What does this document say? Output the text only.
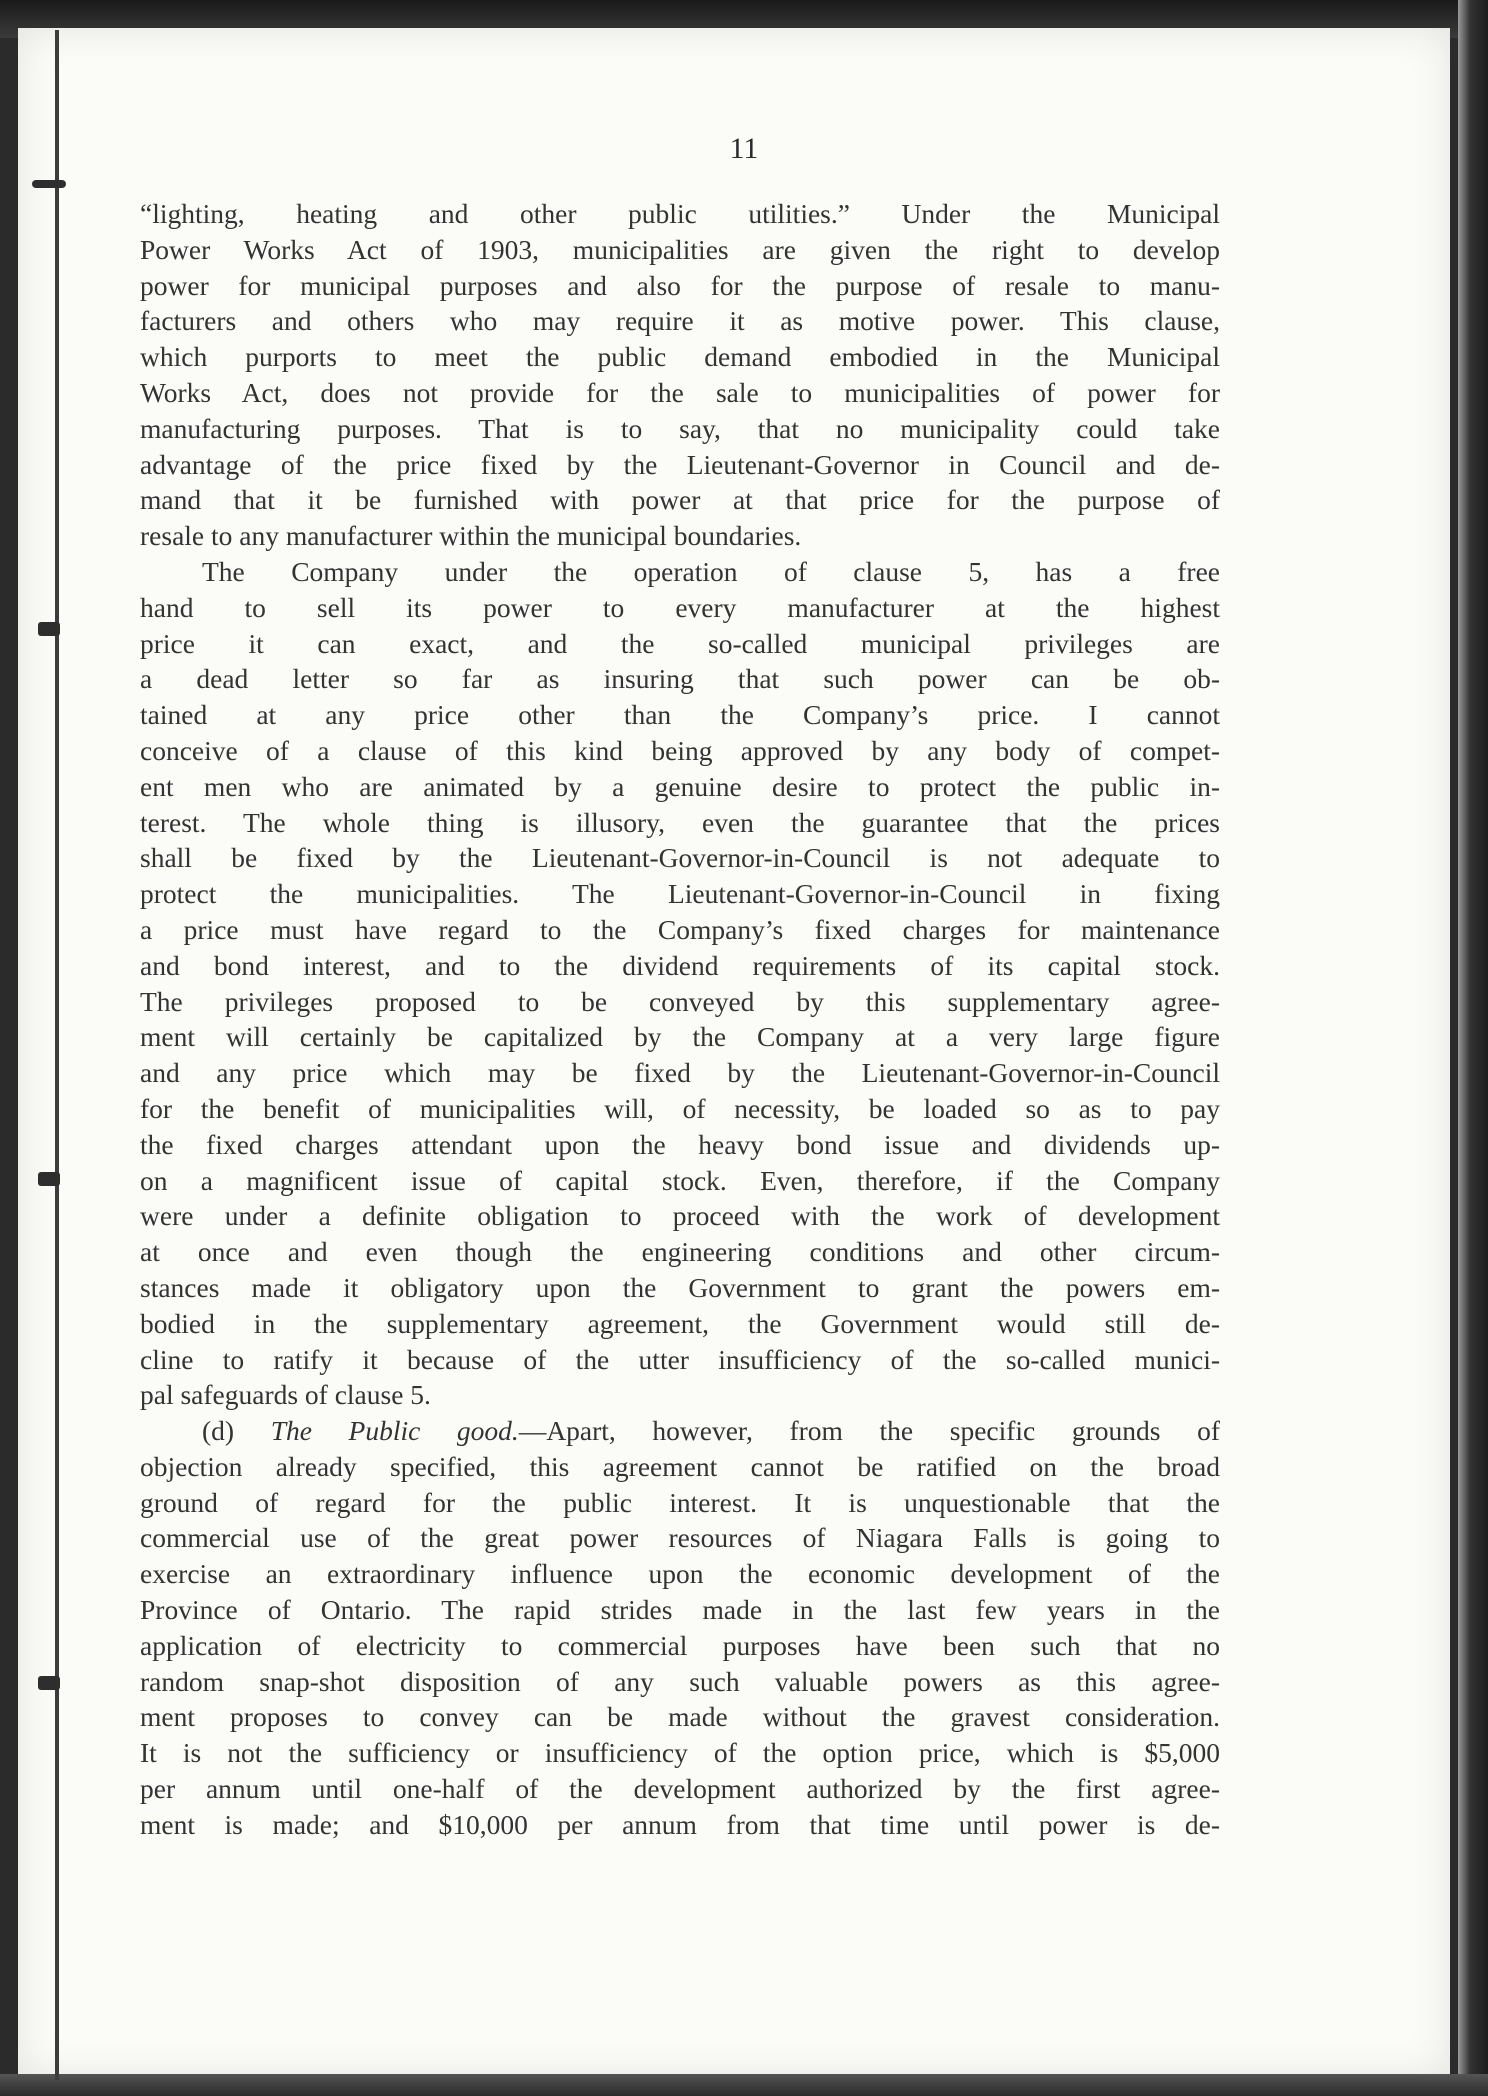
11

“lighting, heating and other public utilities.” Under the Municipal
Power Works Act of 1903, municipalities are given the right to develop
power for municipal purposes and also for the purpose of resale to manu-
facturers and others who may require it as motive power. This clause,
which purports to meet the public demand embodied in the Municipal
Works Act, does not provide for the sale to municipalities of power for
manufacturing purposes. That is to say, that no municipality could take
advantage of the price fixed by the Lieutenant-Governor in Council and de-
mand that it be furnished with power at that price for the purpose of
resale to any manufacturer within the municipal boundaries.
The Company under the operation of clause 5, has a free
hand to sell its power to every manufacturer at the highest
price it can exact, and the so-called municipal privileges are
a dead letter so far as insuring that such power can be ob-
tained at any price other than the Company’s price. I cannot
conceive of a clause of this kind being approved by any body of compet-
ent men who are animated by a genuine desire to protect the public in-
terest. The whole thing is illusory, even the guarantee that the prices
shall be fixed by the Lieutenant-Governor-in-Council is not adequate to
protect the municipalities. The Lieutenant-Governor-in-Council in fixing
a price must have regard to the Company’s fixed charges for maintenance
and bond interest, and to the dividend requirements of its capital stock.
The privileges proposed to be conveyed by this supplementary agree-
ment will certainly be capitalized by the Company at a very large figure
and any price which may be fixed by the Lieutenant-Governor-in-Council
for the benefit of municipalities will, of necessity, be loaded so as to pay
the fixed charges attendant upon the heavy bond issue and dividends up-
on a magnificent issue of capital stock. Even, therefore, if the Company
were under a definite obligation to proceed with the work of development
at once and even though the engineering conditions and other circum-
stances made it obligatory upon the Government to grant the powers em-
bodied in the supplementary agreement, the Government would still de-
cline to ratify it because of the utter insufficiency of the so-called munici-
pal safeguards of clause 5.
(d) The Public good.—Apart, however, from the specific grounds of
objection already specified, this agreement cannot be ratified on the broad
ground of regard for the public interest. It is unquestionable that the
commercial use of the great power resources of Niagara Falls is going to
exercise an extraordinary influence upon the economic development of the
Province of Ontario. The rapid strides made in the last few years in the
application of electricity to commercial purposes have been such that no
random snap-shot disposition of any such valuable powers as this agree-
ment proposes to convey can be made without the gravest consideration.
It is not the sufficiency or insufficiency of the option price, which is $5,000
per annum until one-half of the development authorized by the first agree-
ment is made; and $10,000 per annum from that time until power is de-
